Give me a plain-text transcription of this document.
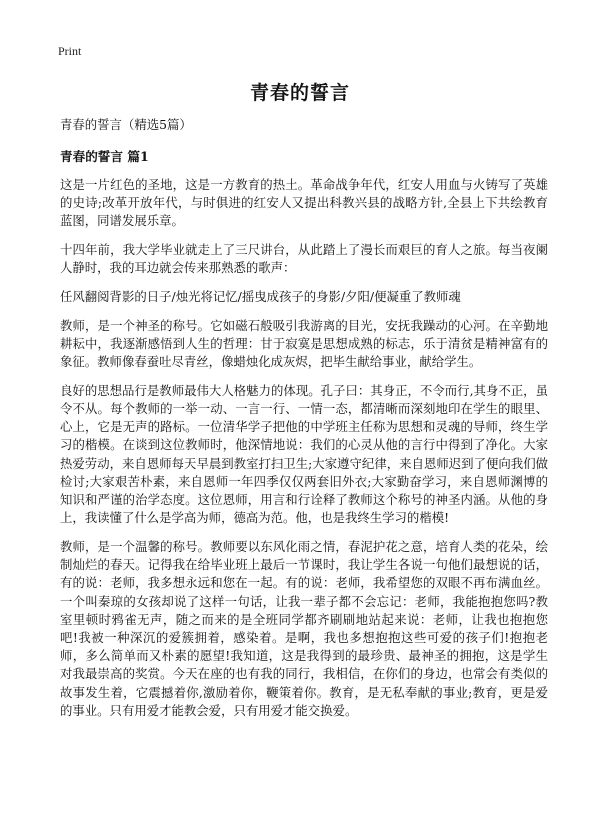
Print
青春的誓言

青春的誓言（精选5篇）

青春的誓言 篇1

这是一片红色的圣地，这是一方教育的热土。革命战争年代，红安人用血与火铸写了英雄的史诗;改革开放年代，与时俱进的红安人又提出科教兴县的战略方针,全县上下共绘教育蓝图，同谱发展乐章。

十四年前，我大学毕业就走上了三尺讲台，从此踏上了漫长而艰巨的育人之旅。每当夜阑人静时，我的耳边就会传来那熟悉的歌声：

任风翻阅背影的日子/烛光将记忆/摇曳成孩子的身影/夕阳/便凝重了教师魂

教师，是一个神圣的称号。它如磁石般吸引我游离的目光，安抚我躁动的心河。在辛勤地耕耘中，我逐渐感悟到人生的哲理：甘于寂寞是思想成熟的标志，乐于清贫是精神富有的象征。教师像春蚕吐尽青丝，像蜡烛化成灰烬，把毕生献给事业，献给学生。

良好的思想品行是教师最伟大人格魅力的体现。孔子曰：其身正，不令而行,其身不正，虽令不从。每个教师的一举一动、一言一行、一情一态，都清晰而深刻地印在学生的眼里、心上，它是无声的路标。一位清华学子把他的中学班主任称为思想和灵魂的导师，终生学习的楷模。在谈到这位教师时，他深情地说：我们的心灵从他的言行中得到了净化。大家热爱劳动，来自恩师每天早晨到教室打扫卫生;大家遵守纪律，来自恩师迟到了便向我们做检讨;大家艰苦朴素，来自恩师一年四季仅仅两套旧外衣;大家勤奋学习，来自恩师渊博的知识和严谨的治学态度。这位恩师，用言和行诠释了教师这个称号的神圣内涵。从他的身上，我读懂了什么是学高为师，德高为范。他，也是我终生学习的楷模!

教师，是一个温馨的称号。教师要以东风化雨之情，春泥护花之意，培育人类的花朵，绘制灿烂的春天。记得我在给毕业班上最后一节课时，我让学生各说一句他们最想说的话，有的说：老师，我多想永远和您在一起。有的说：老师，我希望您的双眼不再布满血丝。一个叫秦琼的女孩却说了这样一句话，让我一辈子都不会忘记：老师，我能抱抱您吗?教室里顿时鸦雀无声，随之而来的是全班同学都齐刷刷地站起来说：老师，让我也抱抱您吧!我被一种深沉的爱簇拥着，感染着。是啊，我也多想抱抱这些可爱的孩子们!抱抱老师，多么简单而又朴素的愿望!我知道，这是我得到的最珍贵、最神圣的拥抱，这是学生对我最崇高的奖赏。今天在座的也有我的同行，我相信，在你们的身边，也常会有类似的故事发生着，它震撼着你,激励着你，鞭策着你。教育，是无私奉献的事业;教育，更是爱的事业。只有用爱才能教会爱，只有用爱才能交换爱。
